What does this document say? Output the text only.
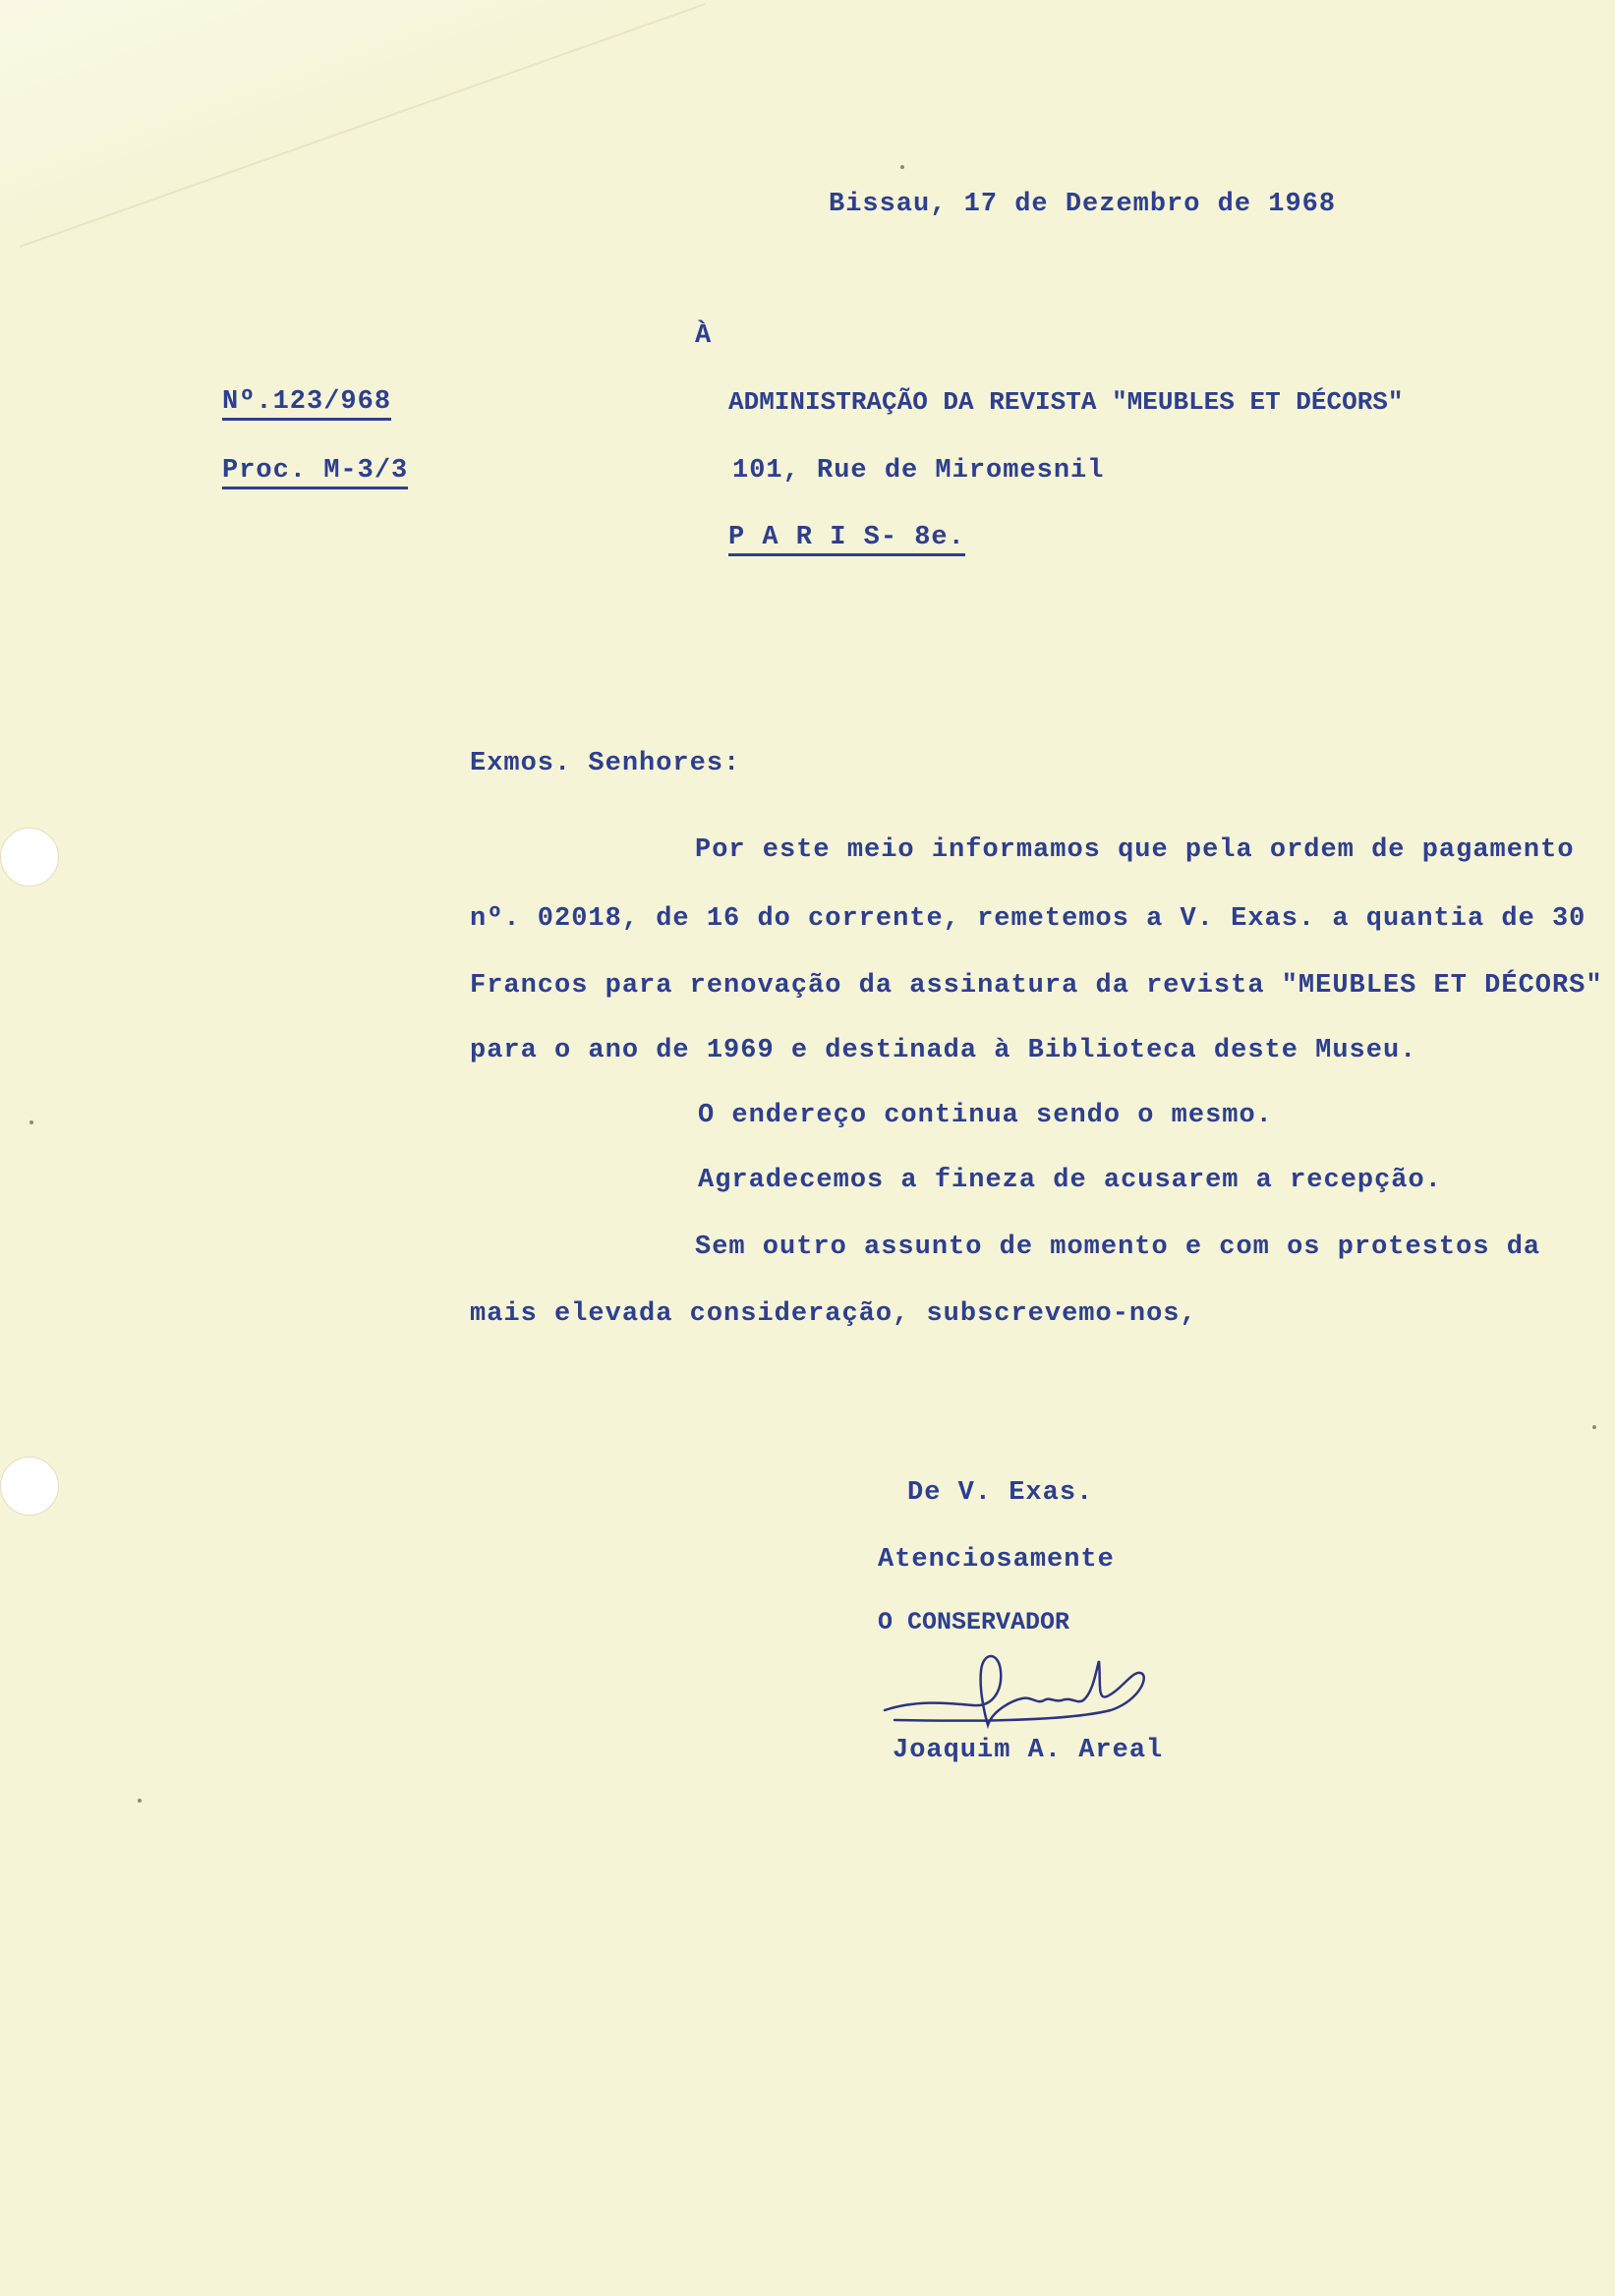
Bissau, 17 de Dezembro de 1968
À
Nº.123/968
Proc. M-3/3
ADMINISTRAÇÃO DA REVISTA "MEUBLES ET DÉCORS"
101, Rue de Miromesnil
P A R I S- 8e.
Exmos. Senhores:
Por este meio informamos que pela ordem de pagamento
nº. 02018, de 16 do corrente, remetemos a V. Exas. a quantia de 30
Francos para renovação da assinatura da revista "MEUBLES ET DÉCORS"
para o ano de 1969 e destinada à Biblioteca deste Museu.
O endereço continua sendo o mesmo.
Agradecemos a fineza de acusarem a recepção.
Sem outro assunto de momento e com os protestos da
mais elevada consideração, subscrevemo-nos,
De V. Exas.
Atenciosamente
O CONSERVADOR
Joaquim A. Areal
